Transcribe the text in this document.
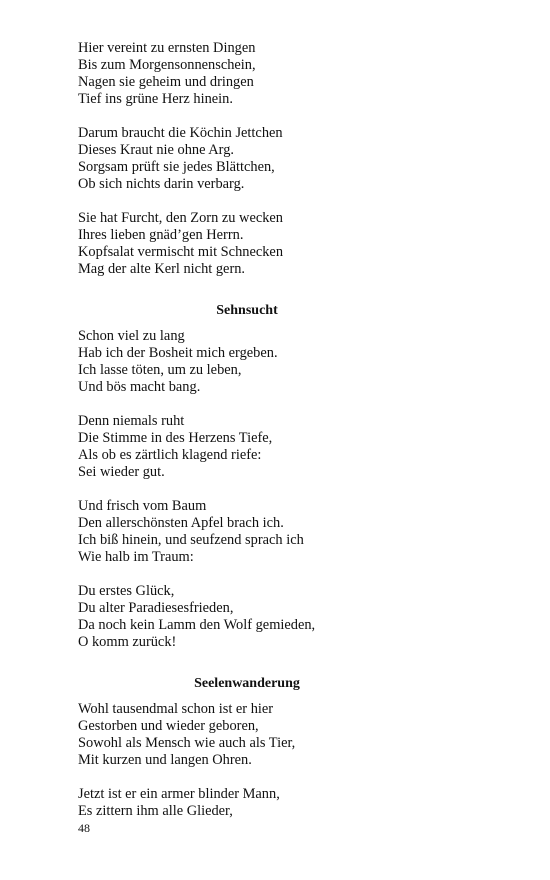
Hier vereint zu ernsten Dingen
Bis zum Morgensonnenschein,
Nagen sie geheim und dringen
Tief ins grüne Herz hinein.
Darum braucht die Köchin Jettchen
Dieses Kraut nie ohne Arg.
Sorgsam prüft sie jedes Blättchen,
Ob sich nichts darin verbarg.
Sie hat Furcht, den Zorn zu wecken
Ihres lieben gnäd’gen Herrn.
Kopfsalat vermischt mit Schnecken
Mag der alte Kerl nicht gern.
Sehnsucht
Schon viel zu lang
Hab ich der Bosheit mich ergeben.
Ich lasse töten, um zu leben,
Und bös macht bang.
Denn niemals ruht
Die Stimme in des Herzens Tiefe,
Als ob es zärtlich klagend riefe:
Sei wieder gut.
Und frisch vom Baum
Den allerschönsten Apfel brach ich.
Ich biß hinein, und seufzend sprach ich
Wie halb im Traum:
Du erstes Glück,
Du alter Paradiesesfrieden,
Da noch kein Lamm den Wolf gemieden,
O komm zurück!
Seelenwanderung
Wohl tausendmal schon ist er hier
Gestorben und wieder geboren,
Sowohl als Mensch wie auch als Tier,
Mit kurzen und langen Ohren.
Jetzt ist er ein armer blinder Mann,
Es zittern ihm alle Glieder,
48
